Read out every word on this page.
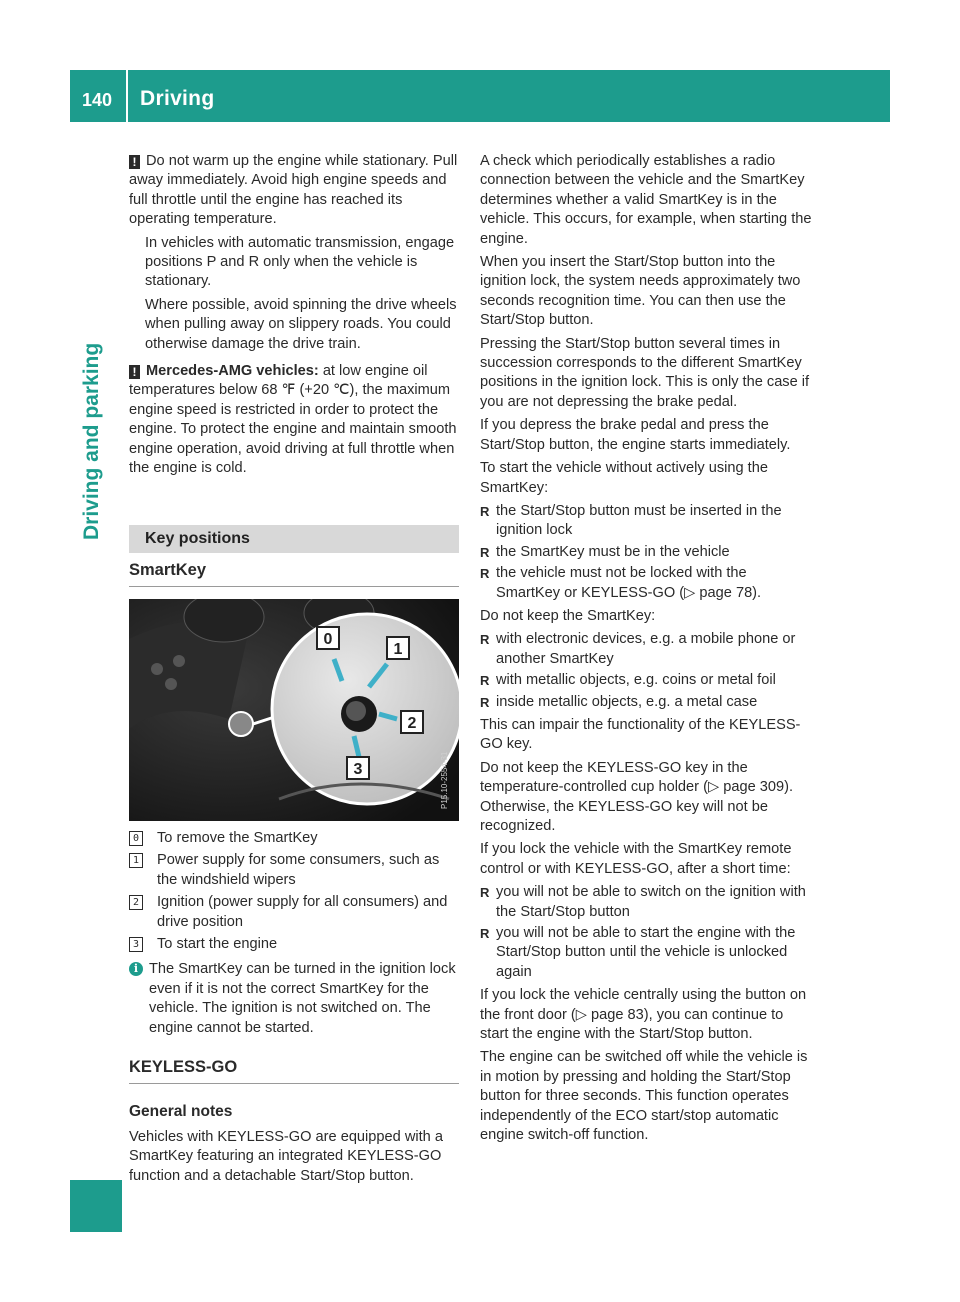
140	Driving
Driving and parking

! Do not warm up the engine while stationary. Pull away immediately. Avoid high engine speeds and full throttle until the engine has reached its operating temperature.

In vehicles with automatic transmission, engage positions P and R only when the vehicle is stationary.

Where possible, avoid spinning the drive wheels when pulling away on slippery roads. You could otherwise damage the drive train.

! Mercedes-AMG vehicles: at low engine oil temperatures below 68 ℉ (+20 ℃), the maximum engine speed is restricted in order to protect the engine. To protect the engine and maintain smooth engine operation, avoid driving at full throttle when the engine is cold.

Key positions
SmartKey
0
1
2
3	P15.10-2554-31
0 To remove the SmartKey
1 Power supply for some consumers, such as the windshield wipers
2 Ignition (power supply for all consumers) and drive position
3 To start the engine
i The SmartKey can be turned in the ignition lock even if it is not the correct SmartKey for the vehicle. The ignition is not switched on. The engine cannot be started.
KEYLESS-GO
General notes

Vehicles with KEYLESS-GO are equipped with a SmartKey featuring an integrated KEYLESS-GO function and a detachable Start/Stop button.

A check which periodically establishes a radio connection between the vehicle and the SmartKey determines whether a valid SmartKey is in the vehicle. This occurs, for example, when starting the engine.

When you insert the Start/Stop button into the ignition lock, the system needs approximately two seconds recognition time. You can then use the Start/Stop button.

Pressing the Start/Stop button several times in succession corresponds to the different SmartKey positions in the ignition lock. This is only the case if you are not depressing the brake pedal.

If you depress the brake pedal and press the Start/Stop button, the engine starts immediately.

To start the vehicle without actively using the SmartKey:

R the Start/Stop button must be inserted in the ignition lock
R the SmartKey must be in the vehicle
R the vehicle must not be locked with the SmartKey or KEYLESS-GO (▷ page 78).

Do not keep the SmartKey:

R with electronic devices, e.g. a mobile phone or another SmartKey
R with metallic objects, e.g. coins or metal foil
R inside metallic objects, e.g. a metal case

This can impair the functionality of the KEYLESS-GO key.

Do not keep the KEYLESS-GO key in the temperature-controlled cup holder (▷ page 309). Otherwise, the KEYLESS-GO key will not be recognized.

If you lock the vehicle with the SmartKey remote control or with KEYLESS-GO, after a short time:

R you will not be able to switch on the ignition with the Start/Stop button
R you will not be able to start the engine with the Start/Stop button until the vehicle is unlocked again

If you lock the vehicle centrally using the button on the front door (▷ page 83), you can continue to start the engine with the Start/Stop button.

The engine can be switched off while the vehicle is in motion by pressing and holding the Start/Stop button for three seconds. This function operates independently of the ECO start/stop automatic engine switch-off function.
